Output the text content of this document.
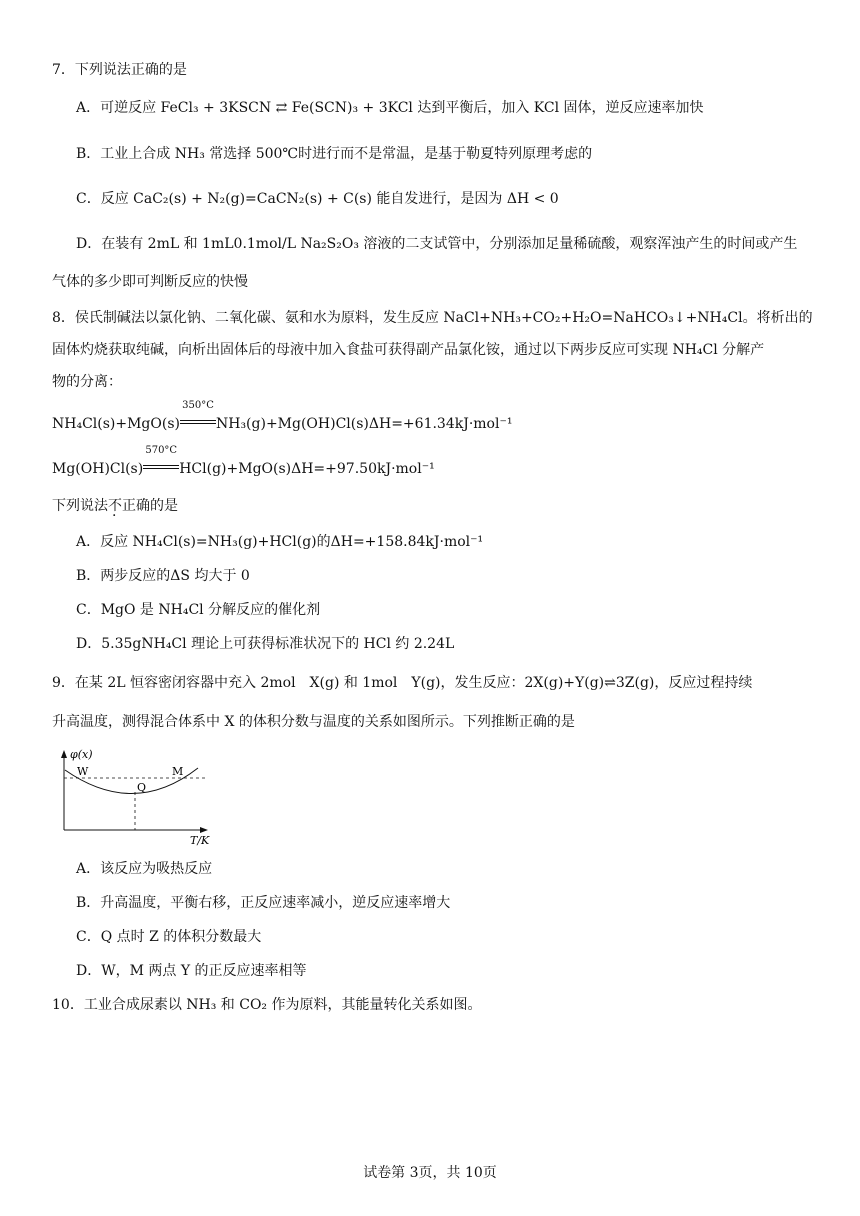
7．下列说法正确的是
A．可逆反应 FeCl₃ + 3KSCN ⇄ Fe(SCN)₃ + 3KCl 达到平衡后，加入 KCl 固体，逆反应速率加快
B．工业上合成 NH₃ 常选择 500℃时进行而不是常温，是基于勒夏特列原理考虑的
C．反应 CaC₂(s) + N₂(g)=CaCN₂(s) + C(s) 能自发进行，是因为 ΔH < 0
D．在装有 2mL 和 1mL0.1mol/L Na₂S₂O₃ 溶液的二支试管中，分别添加足量稀硫酸，观察浑浊产生的时间或产生
气体的多少即可判断反应的快慢
8．侯氏制碱法以氯化钠、二氧化碳、氨和水为原料，发生反应 NaCl+NH₃+CO₂+H₂O=NaHCO₃↓+NH₄Cl。将析出的
固体灼烧获取纯碱，向析出固体后的母液中加入食盐可获得副产品氯化铵，通过以下两步反应可实现 NH₄Cl 分解产
物的分离：
NH₄Cl(s)+MgO(s)
350°C
NH₃(g)+Mg(OH)Cl(s)ΔH=+61.34kJ·mol⁻¹
Mg(OH)Cl(s)
570°C
HCl(g)+MgO(s)ΔH=+97.50kJ·mol⁻¹
下列说法不正确的是
A．反应 NH₄Cl(s)=NH₃(g)+HCl(g)的ΔH=+158.84kJ·mol⁻¹
B．两步反应的ΔS 均大于 0
C．MgO 是 NH₄Cl 分解反应的催化剂
D．5.35gNH₄Cl 理论上可获得标准状况下的 HCl 约 2.24L
9．在某 2L 恒容密闭容器中充入 2mol　X(g) 和 1mol　Y(g)，发生反应：2X(g)+Y(g)⇌3Z(g)，反应过程持续
升高温度，测得混合体系中 X 的体积分数与温度的关系如图所示。下列推断正确的是
φ(x)
W
Q
M
T/K
A．该反应为吸热反应
B．升高温度，平衡右移，正反应速率减小，逆反应速率增大
C．Q 点时 Z 的体积分数最大
D．W，M 两点 Y 的正反应速率相等
10．工业合成尿素以 NH₃ 和 CO₂ 作为原料，其能量转化关系如图。
试卷第 3页，共 10页
